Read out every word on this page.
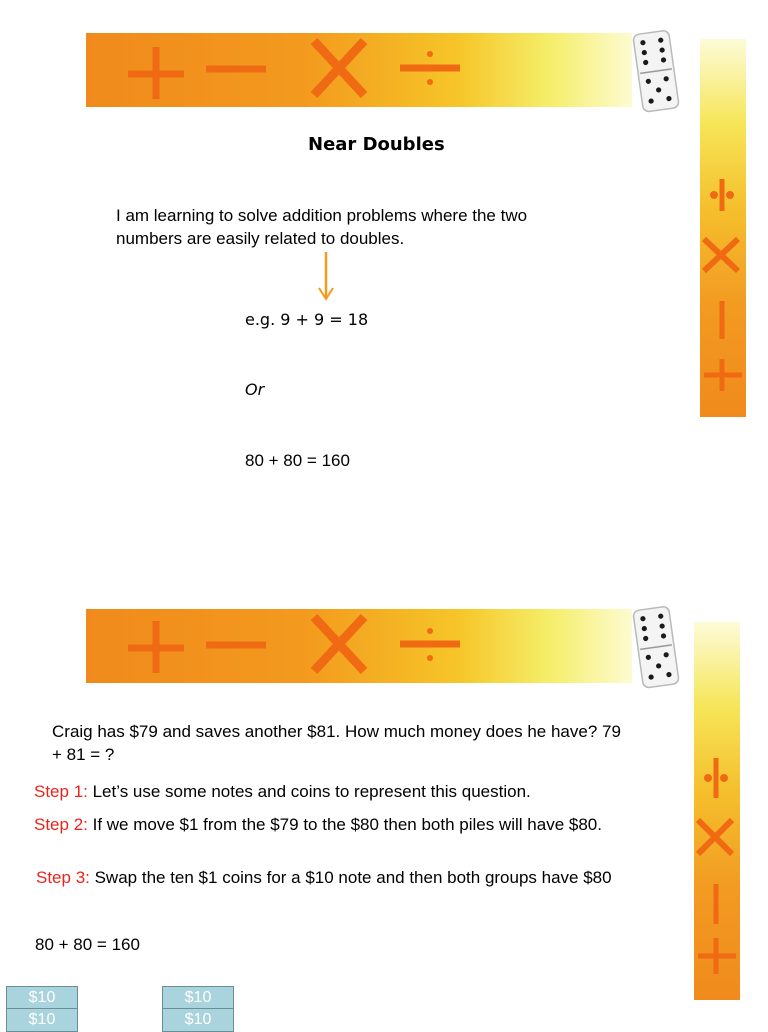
Near Doubles
I am learning to solve addition problems where the two numbers are easily related to doubles.
e.g. 9 + 9 = 18
Or
80 + 80 = 160
Craig has $79 and saves another $81. How much money does he have? 79 + 81 = ?
Step 1: Let’s use some notes and coins to represent this question.
Step 2: If we move $1 from the $79 to the $80 then both piles will have $80.
Step 3: Swap the ten $1 coins for a $10 note and then both groups have $80
80 + 80 = 160
$10
$10
$10
$10
